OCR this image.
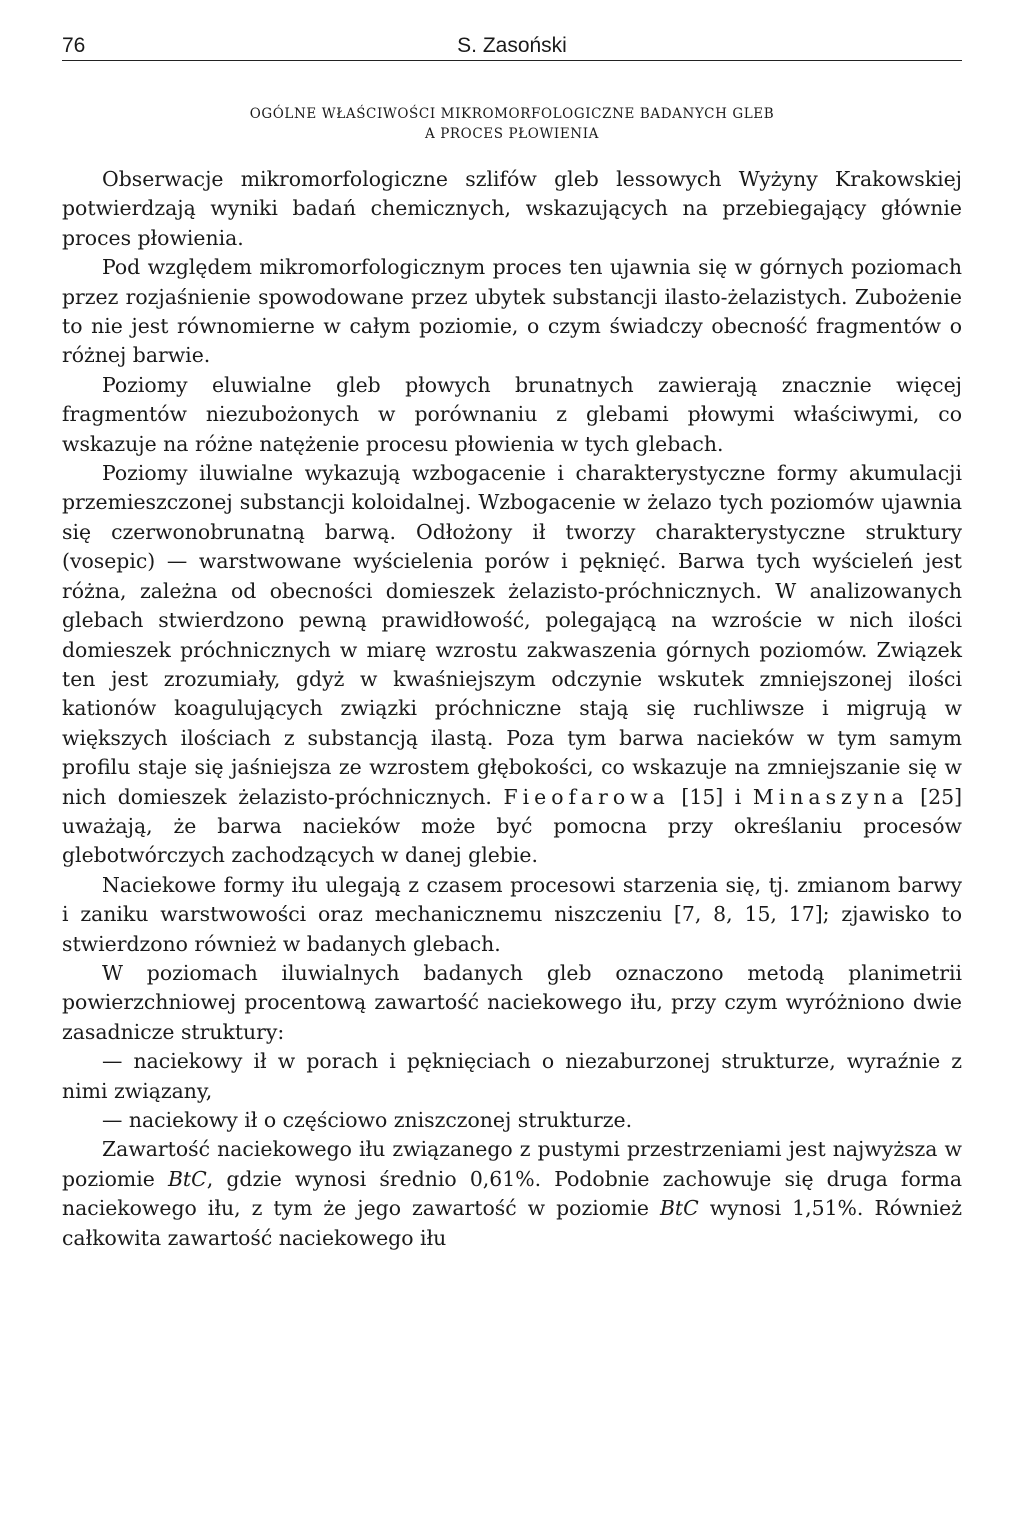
76	S. Zasoński
OGÓLNE WŁAŚCIWOŚCI MIKROMORFOLOGICZNE BADANYCH GLEB
A PROCES PŁOWIENIA

Obserwacje mikromorfologiczne szlifów gleb lessowych Wyżyny Krakowskiej potwierdzają wyniki badań chemicznych, wskazujących na przebiegający głównie proces płowienia.

Pod względem mikromorfologicznym proces ten ujawnia się w górnych poziomach przez rozjaśnienie spowodowane przez ubytek substancji ilasto-żelazistych. Zubożenie to nie jest równomierne w całym poziomie, o czym świadczy obecność fragmentów o różnej barwie.

Poziomy eluwialne gleb płowych brunatnych zawierają znacznie więcej fragmentów niezubożonych w porównaniu z glebami płowymi właściwymi, co wskazuje na różne natężenie procesu płowienia w tych glebach.

Poziomy iluwialne wykazują wzbogacenie i charakterystyczne formy akumulacji przemieszczonej substancji koloidalnej. Wzbogacenie w żelazo tych poziomów ujawnia się czerwonobrunatną barwą. Odłożony ił tworzy charakterystyczne struktury (vosepic) — warstwowane wyścielenia porów i pęknięć. Barwa tych wyścieleń jest różna, zależna od obecności domieszek żelazisto-próchnicznych. W analizowanych glebach stwierdzono pewną prawidłowość, polegającą na wzroście w nich ilości domieszek próchnicznych w miarę wzrostu zakwaszenia górnych poziomów. Związek ten jest zrozumiały, gdyż w kwaśniejszym odczynie wskutek zmniejszonej ilości kationów koagulujących związki próchniczne stają się ruchliwsze i migrują w większych ilościach z substancją ilastą. Poza tym barwa nacieków w tym samym profilu staje się jaśniejsza ze wzrostem głębokości, co wskazuje na zmniejszanie się w nich domieszek żelazisto-próchnicznych. Fieofarowa [15] i Minaszyna [25] uważają, że barwa nacieków może być pomocna przy określaniu procesów glebotwórczych zachodzących w danej glebie.

Naciekowe formy iłu ulegają z czasem procesowi starzenia się, tj. zmianom barwy i zaniku warstwowości oraz mechanicznemu niszczeniu [7, 8, 15, 17]; zjawisko to stwierdzono również w badanych glebach.

W poziomach iluwialnych badanych gleb oznaczono metodą planimetrii powierzchniowej procentową zawartość naciekowego iłu, przy czym wyróżniono dwie zasadnicze struktury:

— naciekowy ił w porach i pęknięciach o niezaburzonej strukturze, wyraźnie z nimi związany,

— naciekowy ił o częściowo zniszczonej strukturze.

Zawartość naciekowego iłu związanego z pustymi przestrzeniami jest najwyższa w poziomie BtC, gdzie wynosi średnio 0,61%. Podobnie zachowuje się druga forma naciekowego iłu, z tym że jego zawartość w poziomie BtC wynosi 1,51%. Również całkowita zawartość naciekowego iłu
